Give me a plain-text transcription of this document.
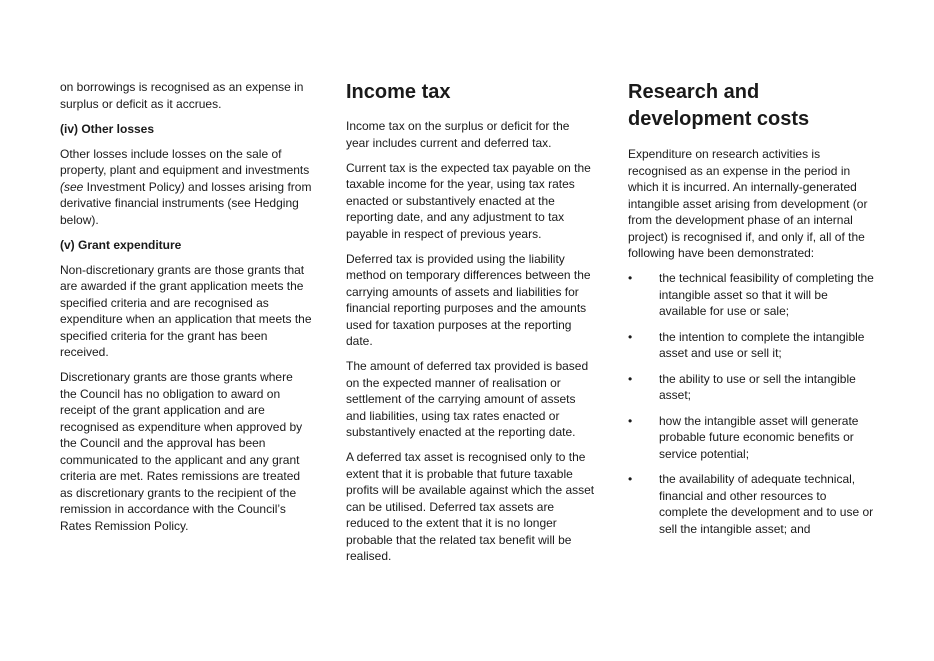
on borrowings is recognised as an expense in surplus or deficit as it accrues.

(iv) Other losses

Other losses include losses on the sale of property, plant and equipment and investments (see Investment Policy) and losses arising from derivative financial instruments (see Hedging below).

(v) Grant expenditure

Non-discretionary grants are those grants that are awarded if the grant application meets the specified criteria and are recognised as expenditure when an application that meets the specified criteria for the grant has been received.

Discretionary grants are those grants where the Council has no obligation to award on receipt of the grant application and are recognised as expenditure when approved by the Council and the approval has been communicated to the applicant and any grant criteria are met. Rates remissions are treated as discretionary grants to the recipient of the remission in accordance with the Council’s Rates Remission Policy.

Income tax

Income tax on the surplus or deficit for the year includes current and deferred tax.

Current tax is the expected tax payable on the taxable income for the year, using tax rates enacted or substantively enacted at the reporting date, and any adjustment to tax payable in respect of previous years.

Deferred tax is provided using the liability method on temporary differences between the carrying amounts of assets and liabilities for financial reporting purposes and the amounts used for taxation purposes at the reporting date.

The amount of deferred tax provided is based on the expected manner of realisation or settlement of the carrying amount of assets and liabilities, using tax rates enacted or substantively enacted at the reporting date.

A deferred tax asset is recognised only to the extent that it is probable that future taxable profits will be available against which the asset can be utilised. Deferred tax assets are reduced to the extent that it is no longer probable that the related tax benefit will be realised.

Research and development costs

Expenditure on research activities is recognised as an expense in the period in which it is incurred. An internally-generated intangible asset arising from development (or from the development phase of an internal project) is recognised if, and only if, all of the following have been demonstrated:

• the technical feasibility of completing the intangible asset so that it will be available for use or sale;
• the intention to complete the intangible asset and use or sell it;
• the ability to use or sell the intangible asset;
• how the intangible asset will generate probable future economic benefits or service potential;
• the availability of adequate technical, financial and other resources to complete the development and to use or sell the intangible asset; and
